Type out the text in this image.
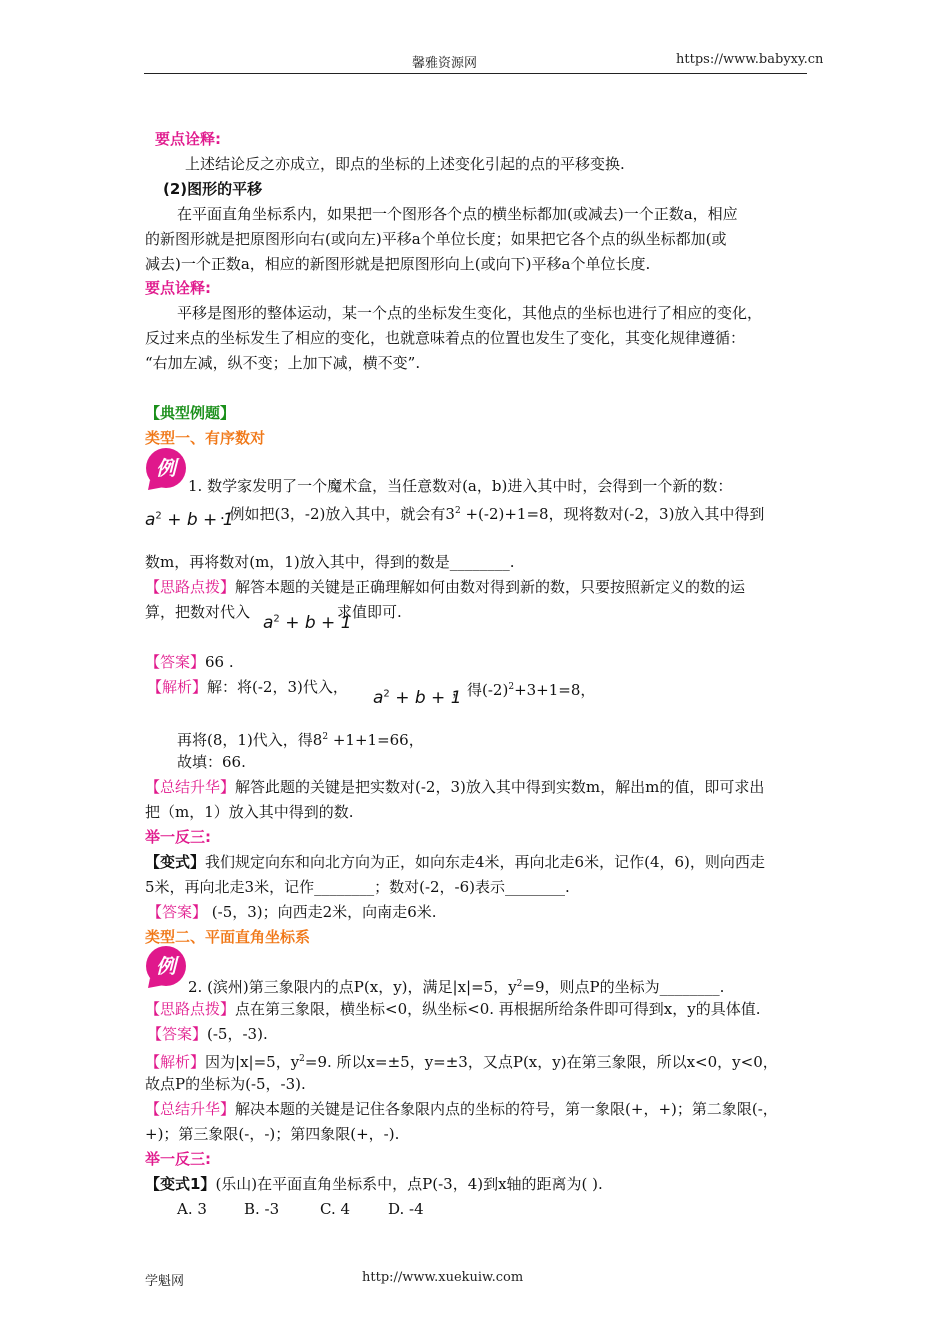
馨雅资源网	https://www.babyxy.cn
要点诠释:
上述结论反之亦成立，即点的坐标的上述变化引起的点的平移变换.
(2)图形的平移
在平面直角坐标系内，如果把一个图形各个点的横坐标都加(或减去)一个正数a，相应
的新图形就是把原图形向右(或向左)平移a个单位长度；如果把它各个点的纵坐标都加(或
减去)一个正数a，相应的新图形就是把原图形向上(或向下)平移a个单位长度.
要点诠释:
平移是图形的整体运动，某一个点的坐标发生变化，其他点的坐标也进行了相应的变化，
反过来点的坐标发生了相应的变化，也就意味着点的位置也发生了变化，其变化规律遵循：
“右加左减，纵不变；上加下减，横不变”.
【典型例题】
类型一、有序数对
例
1. 数学家发明了一个魔术盒，当任意数对(a，b)进入其中时，会得到一个新的数：
$a^2 + b + 1$
. 例如把(3，-2)放入其中，就会有$3^2 +(-2)+1=8$，现将数对(-2，3)放入其中得到
数m，再将数对(m，1)放入其中，得到的数是________.
【思路点拨】解答本题的关键是正确理解如何由数对得到新的数，只要按照新定义的数的运
算，把数对代入
$a^2 + b + 1$
求值即可.
【答案】66 .
【解析】解：将(-2，3)代入，
$a^2 + b + 1$
，得$(-2)^2+3+1=8$，
再将(8，1)代入，得$8^2 +1+1=66$，
故填：66.
【总结升华】解答此题的关键是把实数对(-2，3)放入其中得到实数m，解出m的值，即可求出
把（m，1）放入其中得到的数.
举一反三:
【变式】我们规定向东和向北方向为正，如向东走4米，再向北走6米，记作(4，6)，则向西走
5米，再向北走3米，记作________；数对(-2，-6)表示________.
【答案】 (-5，3)；向西走2米，向南走6米.
类型二、平面直角坐标系
例
2. (滨州)第三象限内的点P(x，y)，满足|x|=5，$y^2=9$，则点P的坐标为________.
【思路点拨】点在第三象限，横坐标<0，纵坐标<0. 再根据所给条件即可得到x，y的具体值.
【答案】(-5，-3).
【解析】因为|x|=5，$y^2=9$. 所以x=±5，y=±3，又点P(x，y)在第三象限，所以x<0，y<0，
故点P的坐标为(-5，-3).
【总结升华】解决本题的关键是记住各象限内点的坐标的符号，第一象限(+，+)；第二象限(-，
+)；第三象限(-，-)；第四象限(+，-).
举一反三:
【变式1】(乐山)在平面直角坐标系中，点P(-3，4)到x轴的距离为( ).
A. 3 B. -3	C. 4	D. -4
学魁网	http://www.xuekuiw.com
